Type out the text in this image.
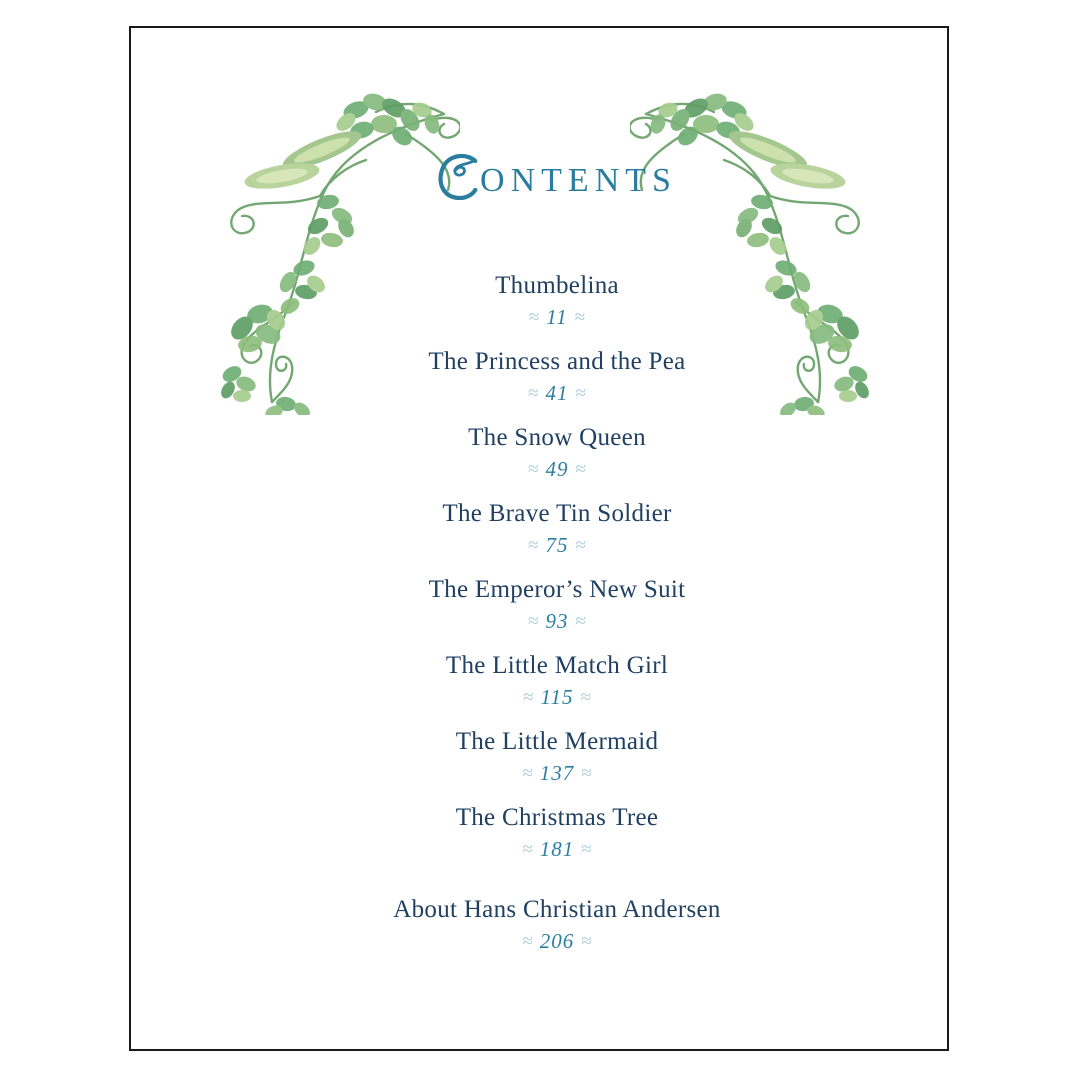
ONTENTS
Thumbelina
≈ 11 ≈
The Princess and the Pea
≈ 41 ≈
The Snow Queen
≈ 49 ≈
The Brave Tin Soldier
≈ 75 ≈
The Emperor’s New Suit
≈ 93 ≈
The Little Match Girl
≈ 115 ≈
The Little Mermaid
≈ 137 ≈
The Christmas Tree
≈ 181 ≈
About Hans Christian Andersen
≈ 206 ≈
